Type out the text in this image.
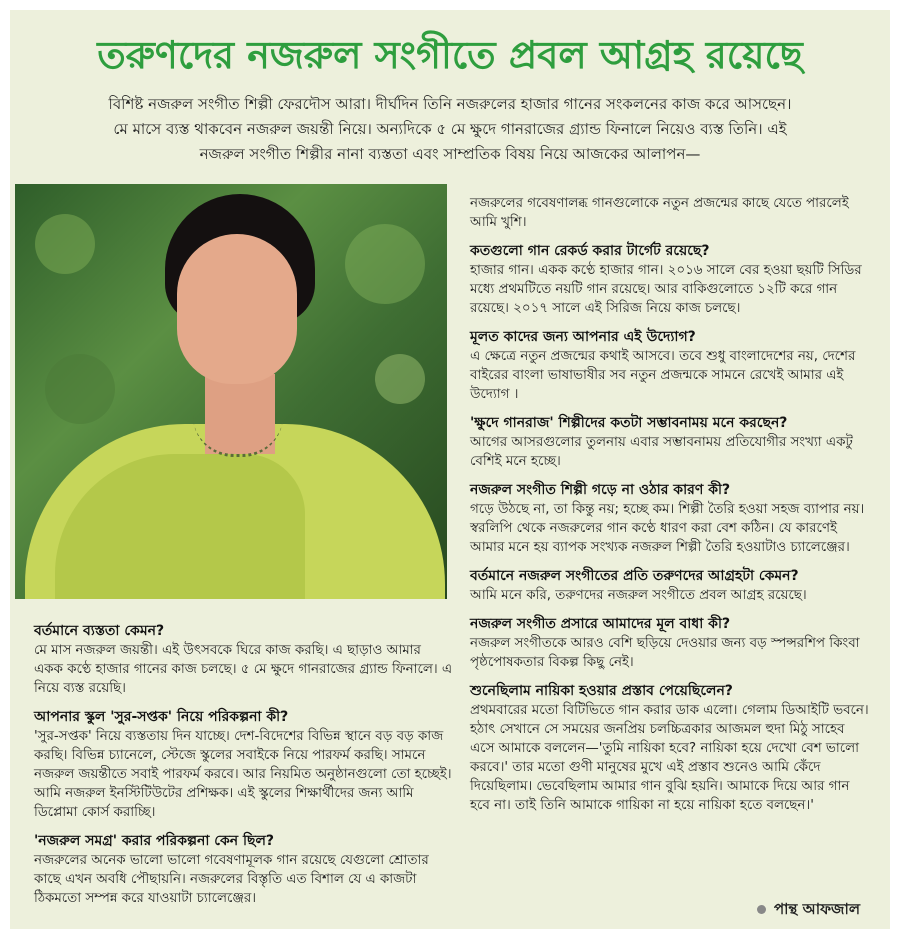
তরুণদের নজরুল সংগীতে প্রবল আগ্রহ রয়েছে
বিশিষ্ট নজরুল সংগীত শিল্পী ফেরদৌস আরা। দীর্ঘদিন তিনি নজরুলের হাজার গানের সংকলনের কাজ করে আসছেন।
মে মাসে ব্যস্ত থাকবেন নজরুল জয়ন্তী নিয়ে। অন্যদিকে ৫ মে ক্ষুদে গানরাজের গ্র্যান্ড ফিনালে নিয়েও ব্যস্ত তিনি। এই
নজরুল সংগীত শিল্পীর নানা ব্যস্ততা এবং সাম্প্রতিক বিষয় নিয়ে আজকের আলাপন—

বর্তমানে ব্যস্ততা কেমন?

মে মাস নজরুল জয়ন্তী। এই উৎসবকে ঘিরে কাজ করছি। এ ছাড়াও আমার একক কণ্ঠে হাজার গানের কাজ চলছে। ৫ মে ক্ষুদে গানরাজের গ্র্যান্ড ফিনালে। এ নিয়ে ব্যস্ত রয়েছি।

আপনার স্কুল 'সুর-সপ্তক' নিয়ে পরিকল্পনা কী?

'সুর-সপ্তক' নিয়ে ব্যস্ততায় দিন যাচ্ছে। দেশ-বিদেশের বিভিন্ন স্থানে বড় বড় কাজ করছি। বিভিন্ন চ্যানেলে, স্টেজে স্কুলের সবাইকে নিয়ে পারফর্ম করছি। সামনে নজরুল জয়ন্তীতে সবাই পারফর্ম করবে। আর নিয়মিত অনুষ্ঠানগুলো তো হচ্ছেই। আমি নজরুল ইনস্টিটিউটের প্রশিক্ষক। এই স্কুলের শিক্ষার্থীদের জন্য আমি ডিপ্লোমা কোর্স করাচ্ছি।

'নজরুল সমগ্র' করার পরিকল্পনা কেন ছিল?

নজরুলের অনেক ভালো ভালো গবেষণামূলক গান রয়েছে যেগুলো শ্রোতার কাছে এখন অবধি পৌছায়নি। নজরুলের বিস্তৃতি এত বিশাল যে এ কাজটা ঠিকমতো সম্পন্ন করে যাওয়াটা চ্যালেঞ্জের।

নজরুলের গবেষণালব্ধ গানগুলোকে নতুন প্রজন্মের কাছে যেতে পারলেই আমি খুশি।

কতগুলো গান রেকর্ড করার টার্গেট রয়েছে?

হাজার গান। একক কণ্ঠে হাজার গান। ২০১৬ সালে বের হওয়া ছয়টি সিডির মধ্যে প্রথমটিতে নয়টি গান রয়েছে। আর বাকিগুলোতে ১২টি করে গান রয়েছে। ২০১৭ সালে এই সিরিজ নিয়ে কাজ চলছে।

মূলত কাদের জন্য আপনার এই উদ্যোগ?

এ ক্ষেত্রে নতুন প্রজন্মের কথাই আসবে। তবে শুধু বাংলাদেশের নয়, দেশের বাইরের বাংলা ভাষাভাষীর সব নতুন প্রজন্মকে সামনে রেখেই আমার এই উদ্যোগ ।

'ক্ষুদে গানরাজ' শিল্পীদের কতটা সম্ভাবনাময় মনে করছেন?

আগের আসরগুলোর তুলনায় এবার সম্ভাবনাময় প্রতিযোগীর সংখ্যা একটু বেশিই মনে হচ্ছে।

নজরুল সংগীত শিল্পী গড়ে না ওঠার কারণ কী?

গড়ে উঠছে না, তা কিন্তু নয়; হচ্ছে কম। শিল্পী তৈরি হওয়া সহজ ব্যাপার নয়। স্বরলিপি থেকে নজরুলের গান কণ্ঠে ধারণ করা বেশ কঠিন। যে কারণেই আমার মনে হয় ব্যাপক সংখ্যক নজরুল শিল্পী তৈরি হওয়াটাও চ্যালেঞ্জের।

বর্তমানে নজরুল সংগীতের প্রতি তরুণদের আগ্রহটা কেমন?

আমি মনে করি, তরুণদের নজরুল সংগীতে প্রবল আগ্রহ রয়েছে।

নজরুল সংগীত প্রসারে আমাদের মূল বাধা কী?

নজরুল সংগীতকে আরও বেশি ছড়িয়ে দেওয়ার জন্য বড় স্পন্সরশিপ কিংবা পৃষ্ঠপোষকতার বিকল্প কিছু নেই।

শুনেছিলাম নায়িকা হওয়ার প্রস্তাব পেয়েছিলেন?

প্রথমবারের মতো বিটিভিতে গান করার ডাক এলো। গেলাম ডিআইটি ভবনে। হঠাৎ সেখানে সে সময়ের জনপ্রিয় চলচ্চিত্রকার আজমল হুদা মিঠু সাহেব এসে আমাকে বললেন—'তুমি নায়িকা হবে? নায়িকা হয়ে দেখো বেশ ভালো করবে।' তার মতো গুণী মানুষের মুখে এই প্রস্তাব শুনেও আমি কেঁদে দিয়েছিলাম। ভেবেছিলাম আমার গান বুঝি হয়নি। আমাকে দিয়ে আর গান হবে না। তাই তিনি আমাকে গায়িকা না হয়ে নায়িকা হতে বলছেন।'

পান্থ আফজাল
